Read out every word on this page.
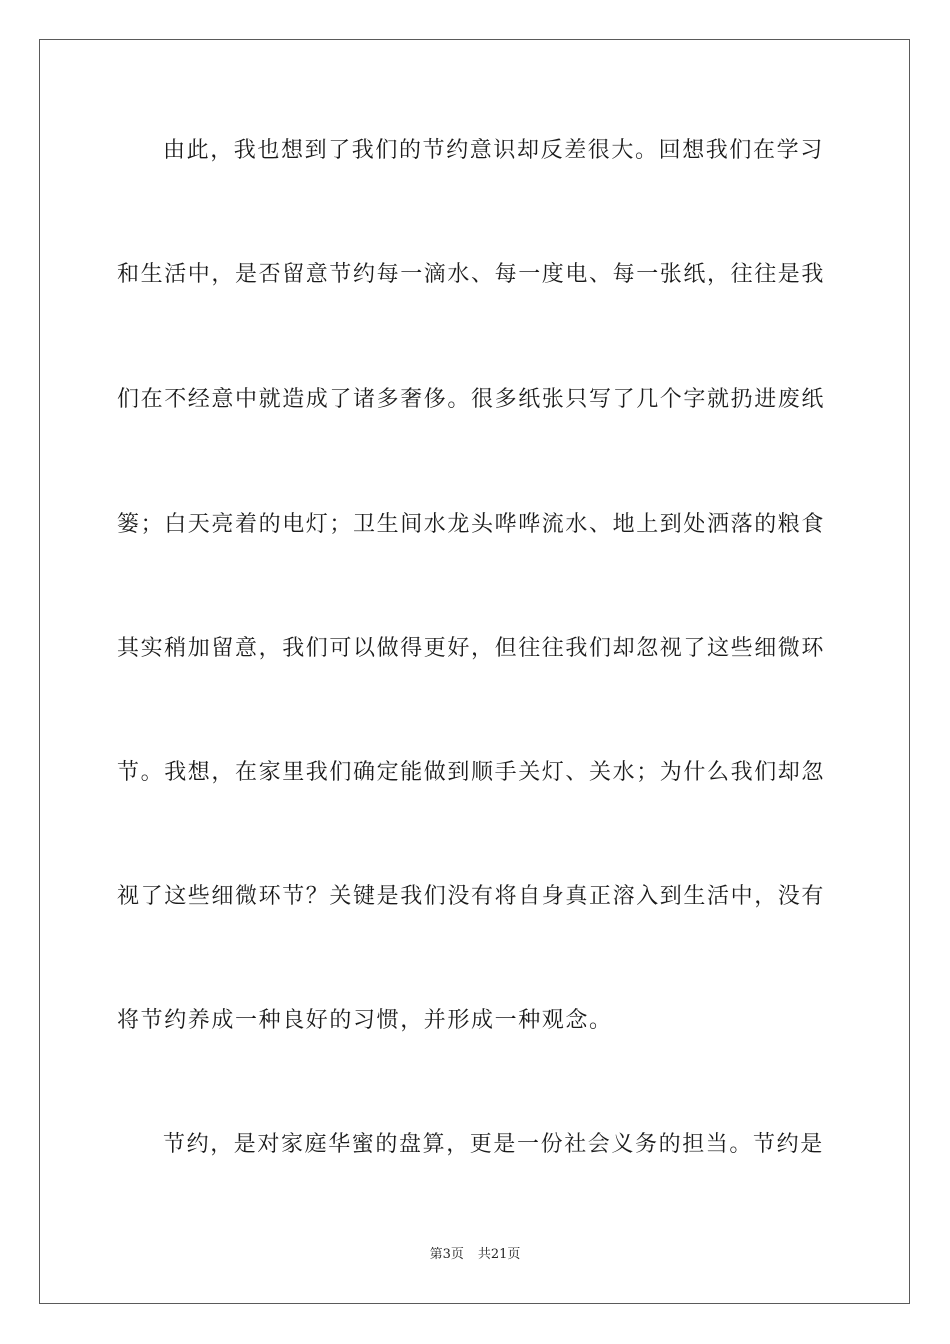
由此，我也想到了我们的节约意识却反差很大。回想我们在学习
和生活中，是否留意节约每一滴水、每一度电、每一张纸，往往是我
们在不经意中就造成了诸多奢侈。很多纸张只写了几个字就扔进废纸
篓；白天亮着的电灯；卫生间水龙头哗哗流水、地上到处洒落的粮食
其实稍加留意，我们可以做得更好，但往往我们却忽视了这些细微环
节。我想，在家里我们确定能做到顺手关灯、关水；为什么我们却忽
视了这些细微环节？关键是我们没有将自身真正溶入到生活中，没有
将节约养成一种良好的习惯，并形成一种观念。
节约，是对家庭华蜜的盘算，更是一份社会义务的担当。节约是
第3页 共21页
